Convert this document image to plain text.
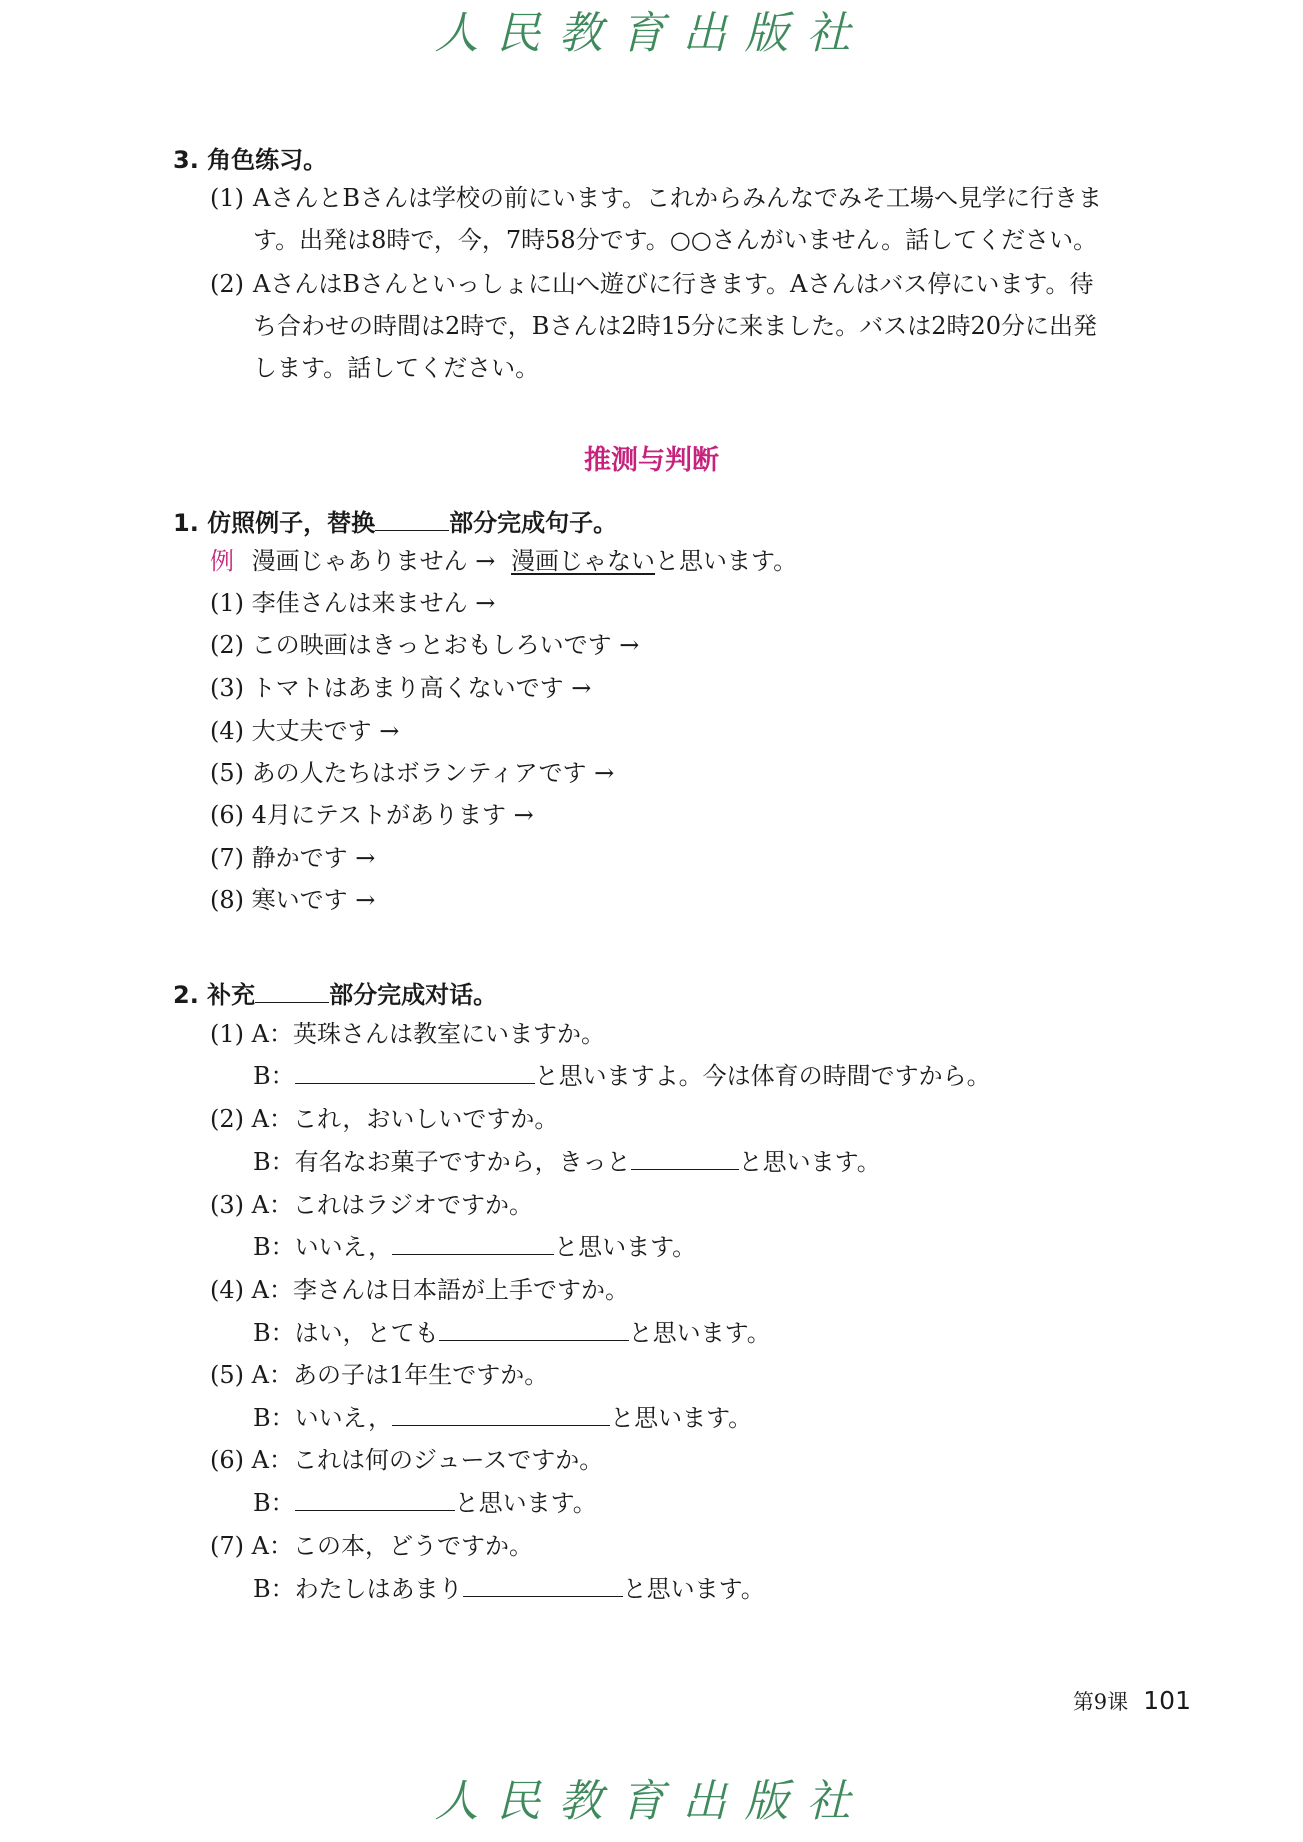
人民教育出版社
人民教育出版社
3. 角色练习。
(1) AさんとBさんは学校の前にいます。これからみんなでみそ工場へ見学に行きま
す。出発は8時で，今，7時58分です。○○さんがいません。話してください。
(2) AさんはBさんといっしょに山へ遊びに行きます。Aさんはバス停にいます。待
ち合わせの時間は2時で，Bさんは2時15分に来ました。バスは2時20分に出発
します。話してください。
推测与判断
1. 仿照例子，替换	部分完成句子。
例 漫画じゃありません → 漫画じゃないと思います。
(1) 李佳さんは来ません →
(2) この映画はきっとおもしろいです →
(3) トマトはあまり高くないです →
(4) 大丈夫です →
(5) あの人たちはボランティアです →
(6) 4月にテストがあります →
(7) 静かです →
(8) 寒いです →
2. 补充	部分完成对话。
(1) A：英珠さんは教室にいますか。
B：	と思いますよ。今は体育の時間ですから。
(2) A：これ，おいしいですか。
B：有名なお菓子ですから，きっと	と思います。
(3) A：これはラジオですか。
B：いいえ，	と思います。
(4) A：李さんは日本語が上手ですか。
B：はい，とても	と思います。
(5) A：あの子は1年生ですか。
B：いいえ，	と思います。
(6) A：これは何のジュースですか。
B：	と思います。
(7) A：この本，どうですか。
B：わたしはあまり	と思います。
第9课 101
